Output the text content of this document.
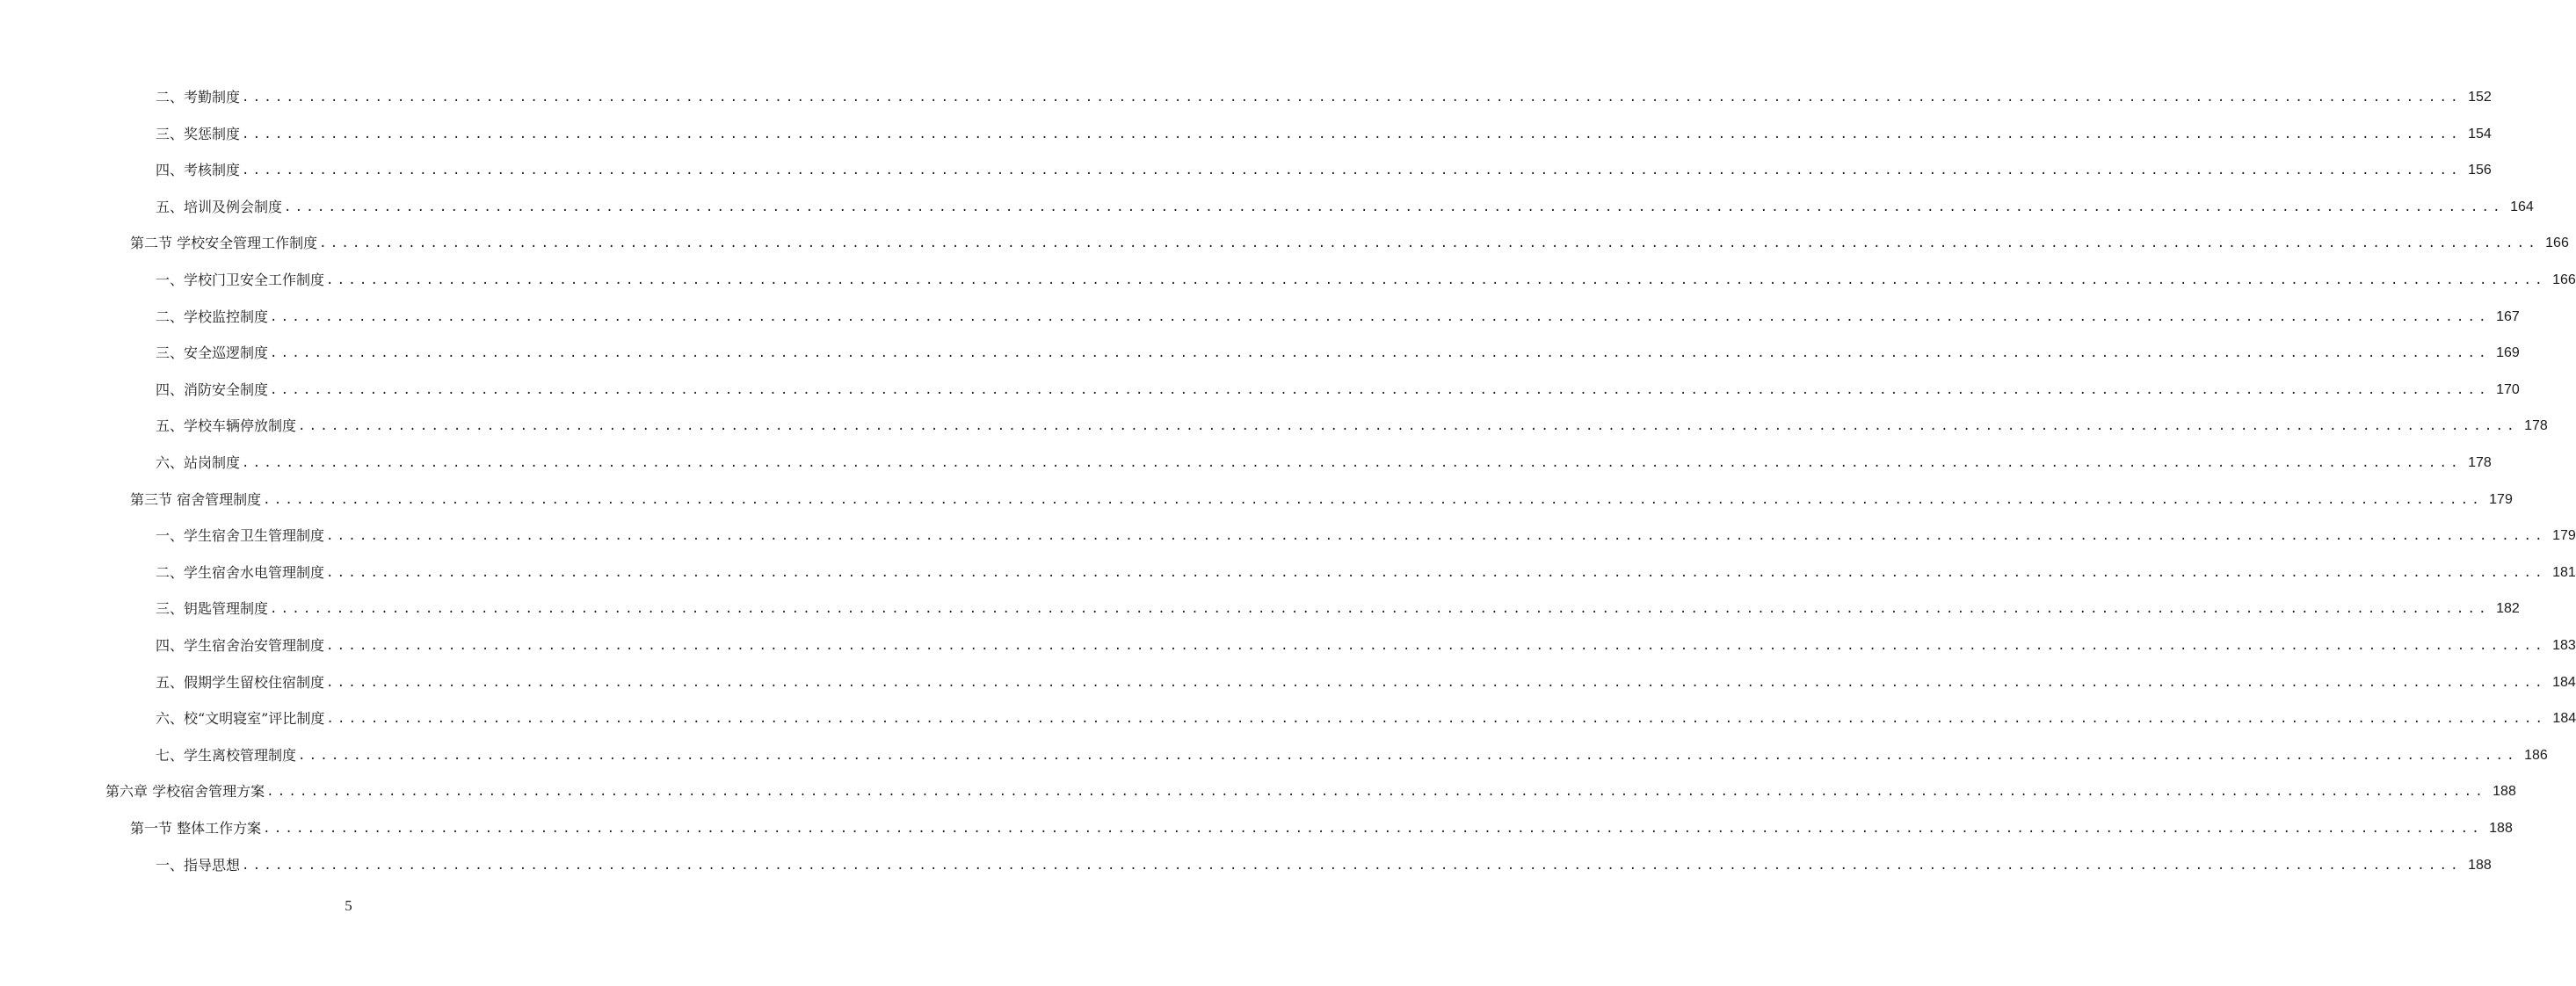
二、考勤制度 ........................................................................................................................................................................................................ 152
三、奖惩制度 ........................................................................................................................................................................................................ 154
四、考核制度 ........................................................................................................................................................................................................ 156
五、培训及例会制度 ........................................................................................................................................................................................................ 164
第二节 学校安全管理工作制度 ........................................................................................................................................................................................................ 166
一、学校门卫安全工作制度 ........................................................................................................................................................................................................ 166
二、学校监控制度 ........................................................................................................................................................................................................ 167
三、安全巡逻制度 ........................................................................................................................................................................................................ 169
四、消防安全制度 ........................................................................................................................................................................................................ 170
五、学校车辆停放制度 ........................................................................................................................................................................................................ 178
六、站岗制度 ........................................................................................................................................................................................................ 178
第三节 宿舍管理制度 ........................................................................................................................................................................................................ 179
一、学生宿舍卫生管理制度 ........................................................................................................................................................................................................ 179
二、学生宿舍水电管理制度 ........................................................................................................................................................................................................ 181
三、钥匙管理制度 ........................................................................................................................................................................................................ 182
四、学生宿舍治安管理制度 ........................................................................................................................................................................................................ 183
五、假期学生留校住宿制度 ........................................................................................................................................................................................................ 184
六、校“文明寝室”评比制度 ........................................................................................................................................................................................................ 184
七、学生离校管理制度 ........................................................................................................................................................................................................ 186
第六章 学校宿舍管理方案 ........................................................................................................................................................................................................ 188
第一节 整体工作方案 ........................................................................................................................................................................................................ 188
一、指导思想 ........................................................................................................................................................................................................ 188
5
